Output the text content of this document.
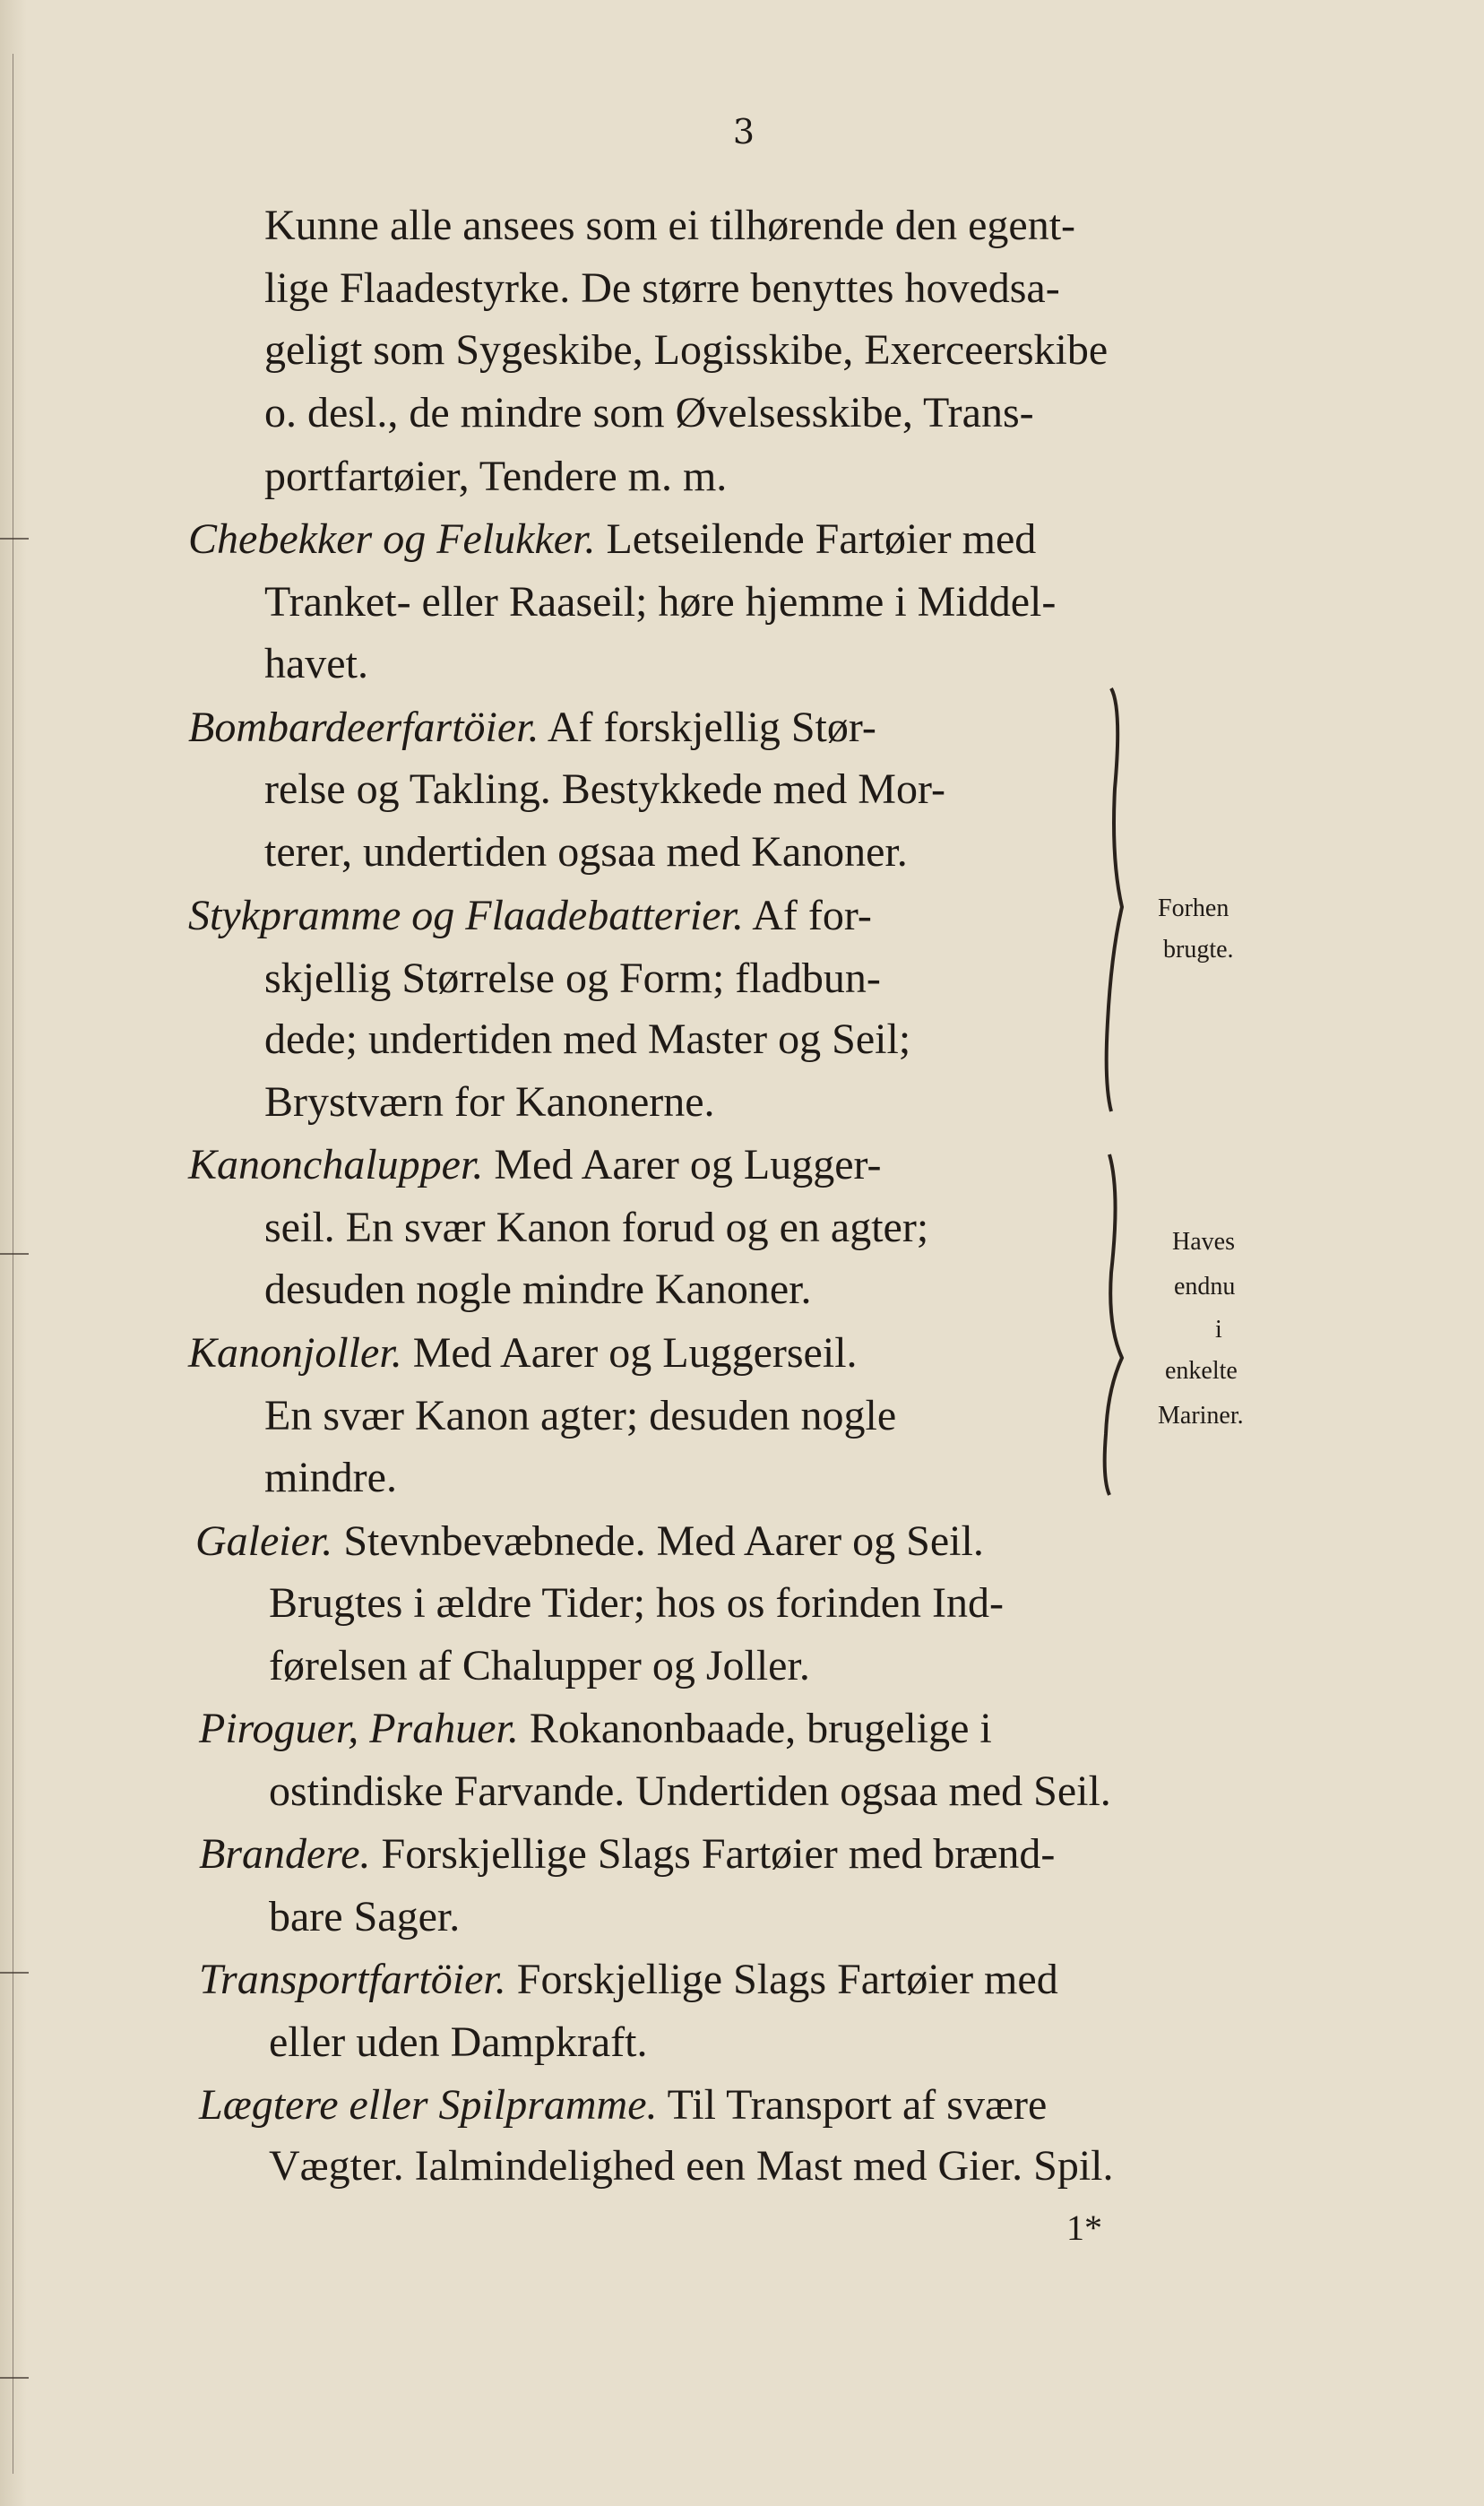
3
Kunne alle ansees som ei tilhørende den egent-
lige Flaadestyrke. De større benyttes hovedsa-
geligt som Sygeskibe, Logisskibe, Exerceerskibe
o. desl., de mindre som Øvelsesskibe, Trans-
portfartøier, Tendere m. m.
Chebekker og Felukker. Letseilende Fartøier med
Tranket- eller Raaseil; høre hjemme i Middel-
havet.
Bombardeerfartöier. Af forskjellig Stør-
relse og Takling. Bestykkede med Mor-
terer, undertiden ogsaa med Kanoner.
Stykpramme og Flaadebatterier. Af for-
skjellig Størrelse og Form; fladbun-
dede; undertiden med Master og Seil;
Brystværn for Kanonerne.
Kanonchalupper. Med Aarer og Lugger-
seil. En svær Kanon forud og en agter;
desuden nogle mindre Kanoner.
Kanonjoller. Med Aarer og Luggerseil.
En svær Kanon agter; desuden nogle
mindre.
Galeier. Stevnbevæbnede. Med Aarer og Seil.
Brugtes i ældre Tider; hos os forinden Ind-
førelsen af Chalupper og Joller.
Piroguer, Prahuer. Rokanonbaade, brugelige i
ostindiske Farvande. Undertiden ogsaa med Seil.
Brandere. Forskjellige Slags Fartøier med brænd-
bare Sager.
Transportfartöier. Forskjellige Slags Fartøier med
eller uden Dampkraft.
Lægtere eller Spilpramme. Til Transport af svære
Vægter. Ialmindelighed een Mast med Gier. Spil.
Forhen
brugte.
Haves
endnu
i
enkelte
Mariner.
1*
